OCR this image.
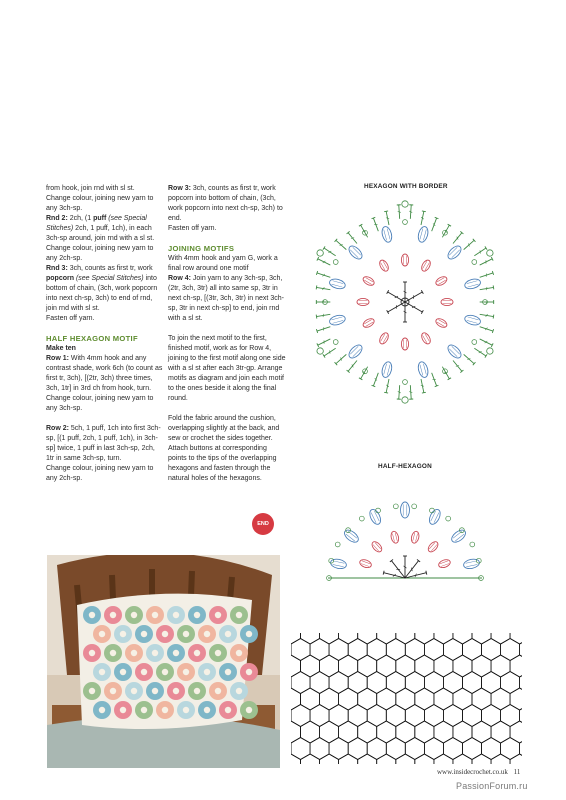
from hook, join rnd with sl st.

Change colour, joining new yarn to any 3ch-sp.

Rnd 2: 2ch, (1 puff (see Special Stitches) 2ch, 1 puff, 1ch), in each 3ch-sp around, join rnd with a sl st.

Change colour, joining new yarn to any 2ch-sp.

Rnd 3: 3ch, counts as first tr, work popcorn (see Special Stitches) into bottom of chain, (3ch, work popcorn into next ch-sp, 3ch) to end of rnd, join rnd with sl st.

Fasten off yarn.

HALF HEXAGON MOTIF

Make ten

Row 1: With 4mm hook and any contrast shade, work 6ch (to count as first tr, 3ch), [(2tr, 3ch) three times, 3ch, 1tr] in 3rd ch from hook, turn.

Change colour, joining new yarn to any 3ch-sp.

Row 2: 5ch, 1 puff, 1ch into first 3ch-sp, [(1 puff, 2ch, 1 puff, 1ch), in 3ch-sp] twice, 1 puff in last 3ch-sp, 2ch, 1tr in same 3ch-sp, turn.

Change colour, joining new yarn to any 2ch-sp.

Row 3: 3ch, counts as first tr, work popcorn into bottom of chain, (3ch, work popcorn into next ch-sp, 3ch) to end.

Fasten off yarn.

JOINING MOTIFS

With 4mm hook and yarn G, work a final row around one motif

Row 4: Join yarn to any 3ch-sp, 3ch, (2tr, 3ch, 3tr) all into same sp, 3tr in next ch-sp, [(3tr, 3ch, 3tr) in next 3ch-sp, 3tr in next ch-sp] to end, join rnd with a sl st.

To join the next motif to the first, finished motif, work as for Row 4, joining to the first motif along one side with a sl st after each 3tr-gp. Arrange motifs as diagram and join each motif to the ones beside it along the final round.

Fold the fabric around the cushion, overlapping slightly at the back, and sew or crochet the sides together.

Attach buttons at corresponding points to the tips of the overlapping hexagons and fasten through the natural holes of the hexagons.

END
HEXAGON WITH BORDER
HALF-HEXAGON
www.insidecrochet.co.uk 11
PassionForum.ru
